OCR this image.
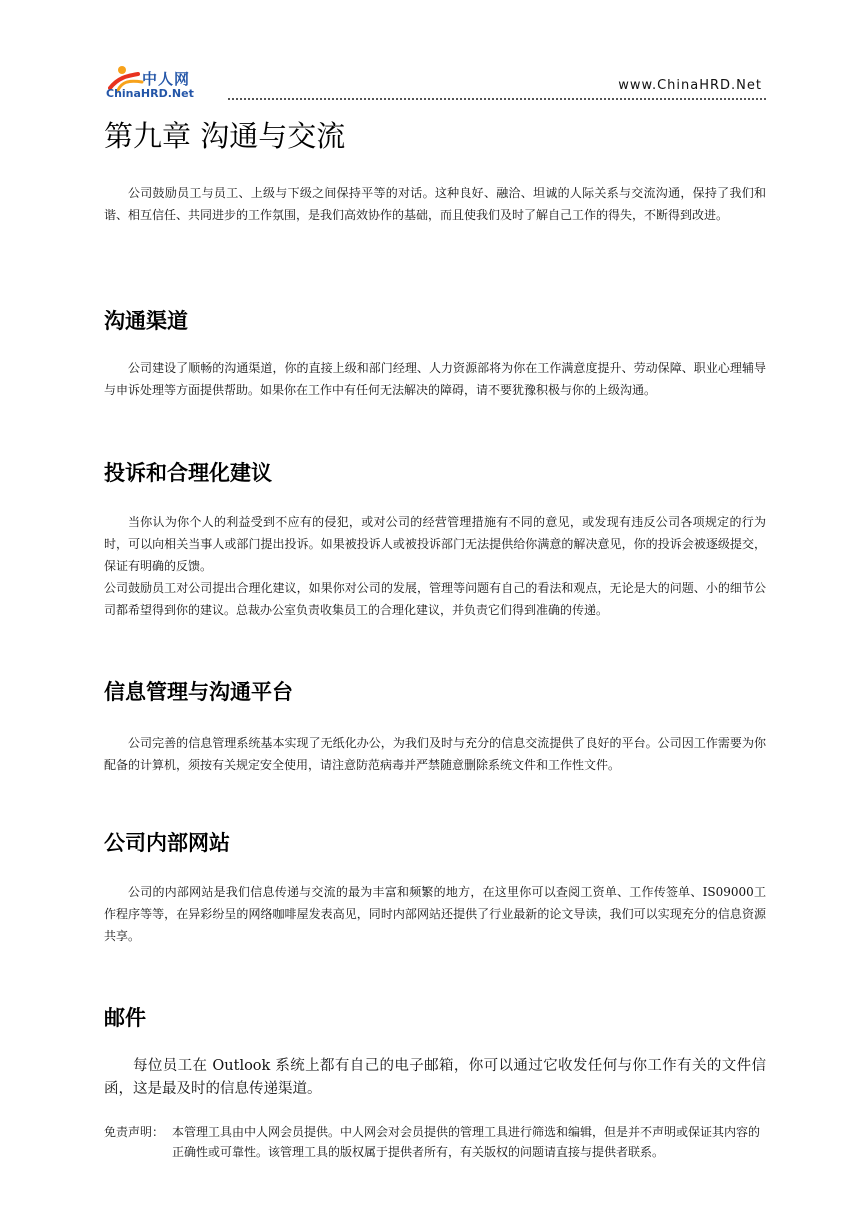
中人网
ChinaHRD.Net
www.ChinaHRD.Net
第九章 沟通与交流

公司鼓励员工与员工、上级与下级之间保持平等的对话。这种良好、融洽、坦诚的人际关系与交流沟通，保持了我们和谐、相互信任、共同进步的工作氛围，是我们高效协作的基础，而且使我们及时了解自己工作的得失，不断得到改进。

沟通渠道

公司建设了顺畅的沟通渠道，你的直接上级和部门经理、人力资源部将为你在工作满意度提升、劳动保障、职业心理辅导与申诉处理等方面提供帮助。如果你在工作中有任何无法解决的障碍，请不要犹豫积极与你的上级沟通。

投诉和合理化建议

当你认为你个人的利益受到不应有的侵犯，或对公司的经营管理措施有不同的意见，或发现有违反公司各项规定的行为时，可以向相关当事人或部门提出投诉。如果被投诉人或被投诉部门无法提供给你满意的解决意见，你的投诉会被逐级提交，保证有明确的反馈。

公司鼓励员工对公司提出合理化建议，如果你对公司的发展，管理等问题有自己的看法和观点，无论是大的问题、小的细节公司都希望得到你的建议。总裁办公室负责收集员工的合理化建议，并负责它们得到准确的传递。

信息管理与沟通平台

公司完善的信息管理系统基本实现了无纸化办公，为我们及时与充分的信息交流提供了良好的平台。公司因工作需要为你配备的计算机，须按有关规定安全使用，请注意防范病毒并严禁随意删除系统文件和工作性文件。

公司内部网站

公司的内部网站是我们信息传递与交流的最为丰富和频繁的地方，在这里你可以查阅工资单、工作传签单、IS09000工作程序等等，在异彩纷呈的网络咖啡屋发表高见，同时内部网站还提供了行业最新的论文导读，我们可以实现充分的信息资源共享。

邮件

每位员工在 Outlook 系统上都有自己的电子邮箱，你可以通过它收发任何与你工作有关的文件信函，这是最及时的信息传递渠道。

免责声明： 本管理工具由中人网会员提供。中人网会对会员提供的管理工具进行筛选和编辑，但是并不声明或保证其内容的正确性或可靠性。该管理工具的版权属于提供者所有，有关版权的问题请直接与提供者联系。
